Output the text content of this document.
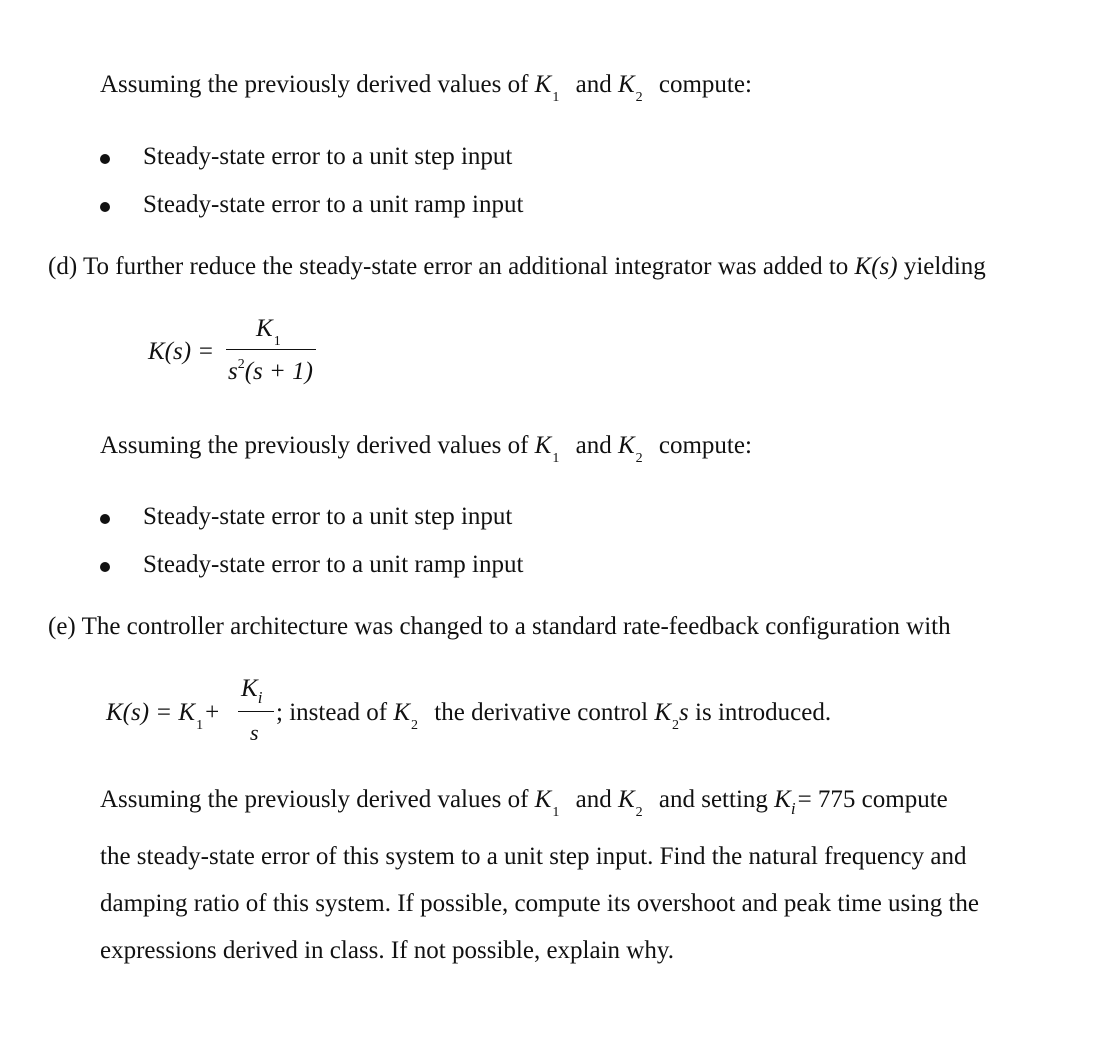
Assuming the previously derived values of $K_1$ and $K_2$ compute:
Steady-state error to a unit step input
Steady-state error to a unit ramp input
(d) To further reduce the steady-state error an additional integrator was added to K(s) yielding
K(s) =
$K_1$
$s^2(s + 1)$
Assuming the previously derived values of $K_1$ and $K_2$ compute:
Steady-state error to a unit step input
Steady-state error to a unit ramp input
(e) The controller architecture was changed to a standard rate-feedback configuration with
$K(s) = K_1+$
$K_i$
s
; instead of $K_2$ the derivative control $K_2s$ is introduced.
Assuming the previously derived values of $K_1$ and $K_2$ and setting $K_i= 775$ compute
the steady-state error of this system to a unit step input. Find the natural frequency and
damping ratio of this system. If possible, compute its overshoot and peak time using the
expressions derived in class. If not possible, explain why.
